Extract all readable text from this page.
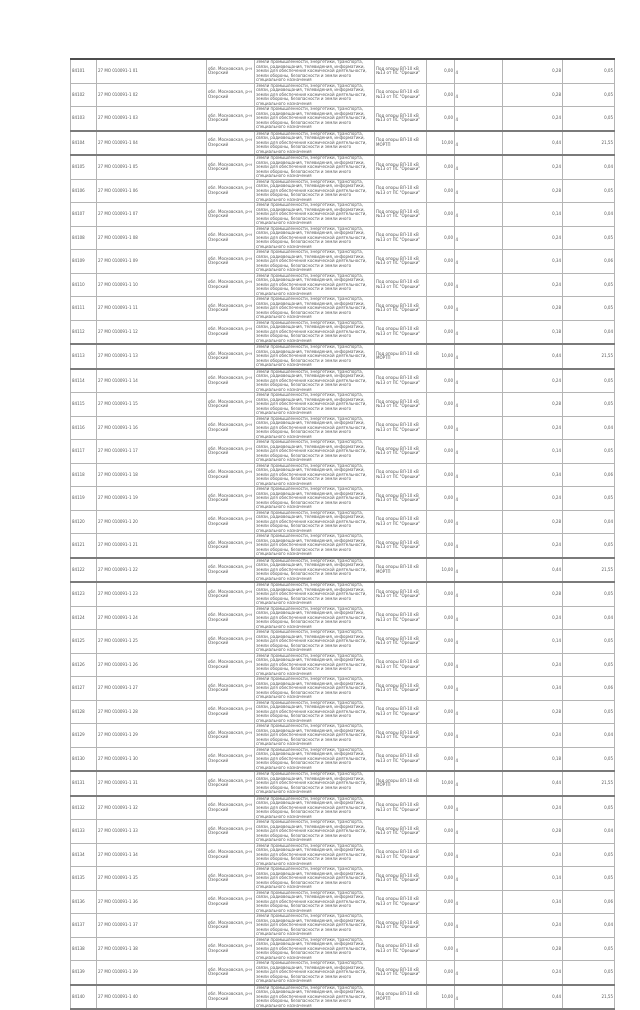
84101	27 МО 010091-1 01	обл. Московская, р-н Озерский	Земли промышленности, энергетики, транспорта, связи, радиовещания, телевидения, информатики, земли для обеспечения космической деятельности, земли обороны, безопасности и земли иного специального назначения	Под опоры ВЛ-10 кВ №13 от ПС "Орешки"	0,00 4		0,28	0,05
84102	27 МО 010091-1 02	обл. Московская, р-н Озерский	Земли промышленности, энергетики, транспорта, связи, радиовещания, телевидения, информатики, земли для обеспечения космической деятельности, земли обороны, безопасности и земли иного специального назначения	Под опоры ВЛ-10 кВ №13 от ПС "Орешки"	0,00 4		0,28	0,05
84103	27 МО 010091-1 03	обл. Московская, р-н Озерский	Земли промышленности, энергетики, транспорта, связи, радиовещания, телевидения, информатики, земли для обеспечения космической деятельности, земли обороны, безопасности и земли иного специального назначения	Под опоры ВЛ-10 кВ №13 от ПС "Орешки"	0,00 4		0,24	0,05
84104	27 МО 010091-1 04	обл. Московская, р-н Озерский	Земли промышленности, энергетики, транспорта, связи, радиовещания, телевидения, информатики, земли для обеспечения космической деятельности, земли обороны, безопасности и земли иного специального назначения	Под опоры ВЛ-10 кВ МОРТП	10,00 4		0,44	21,55
84105	27 МО 010091-1 05	обл. Московская, р-н Озерский	Земли промышленности, энергетики, транспорта, связи, радиовещания, телевидения, информатики, земли для обеспечения космической деятельности, земли обороны, безопасности и земли иного специального назначения	Под опоры ВЛ-10 кВ №13 от ПС "Орешки"	0,00 4		0,24	0,04
84106	27 МО 010091-1 06	обл. Московская, р-н Озерский	Земли промышленности, энергетики, транспорта, связи, радиовещания, телевидения, информатики, земли для обеспечения космической деятельности, земли обороны, безопасности и земли иного специального назначения	Под опоры ВЛ-10 кВ №13 от ПС "Орешки"	0,00 4		0,28	0,05
84107	27 МО 010091-1 07	обл. Московская, р-н Озерский	Земли промышленности, энергетики, транспорта, связи, радиовещания, телевидения, информатики, земли для обеспечения космической деятельности, земли обороны, безопасности и земли иного специального назначения	Под опоры ВЛ-10 кВ №13 от ПС "Орешки"	0,00 4		0,14	0,04
84108	27 МО 010091-1 08	обл. Московская, р-н Озерский	Земли промышленности, энергетики, транспорта, связи, радиовещания, телевидения, информатики, земли для обеспечения космической деятельности, земли обороны, безопасности и земли иного специального назначения	Под опоры ВЛ-10 кВ №13 от ПС "Орешки"	0,00 4		0,24	0,05
84109	27 МО 010091-1 09	обл. Московская, р-н Озерский	Земли промышленности, энергетики, транспорта, связи, радиовещания, телевидения, информатики, земли для обеспечения космической деятельности, земли обороны, безопасности и земли иного специального назначения	Под опоры ВЛ-10 кВ №13 от ПС "Орешки"	0,00 4		0,34	0,06
84110	27 МО 010091-1 10	обл. Московская, р-н Озерский	Земли промышленности, энергетики, транспорта, связи, радиовещания, телевидения, информатики, земли для обеспечения космической деятельности, земли обороны, безопасности и земли иного специального назначения	Под опоры ВЛ-10 кВ №13 от ПС "Орешки"	0,00 4		0,24	0,05
84111	27 МО 010091-1 11	обл. Московская, р-н Озерский	Земли промышленности, энергетики, транспорта, связи, радиовещания, телевидения, информатики, земли для обеспечения космической деятельности, земли обороны, безопасности и земли иного специального назначения	Под опоры ВЛ-10 кВ №13 от ПС "Орешки"	0,00 4		0,28	0,05
84112	27 МО 010091-1 12	обл. Московская, р-н Озерский	Земли промышленности, энергетики, транспорта, связи, радиовещания, телевидения, информатики, земли для обеспечения космической деятельности, земли обороны, безопасности и земли иного специального назначения	Под опоры ВЛ-10 кВ №13 от ПС "Орешки"	0,00 4		0,18	0,04
84113	27 МО 010091-1 13	обл. Московская, р-н Озерский	Земли промышленности, энергетики, транспорта, связи, радиовещания, телевидения, информатики, земли для обеспечения космической деятельности, земли обороны, безопасности и земли иного специального назначения	Под опоры ВЛ-10 кВ МОРТП	10,00 4		0,44	21,55
84114	27 МО 010091-1 14	обл. Московская, р-н Озерский	Земли промышленности, энергетики, транспорта, связи, радиовещания, телевидения, информатики, земли для обеспечения космической деятельности, земли обороны, безопасности и земли иного специального назначения	Под опоры ВЛ-10 кВ №13 от ПС "Орешки"	0,00 4		0,24	0,05
84115	27 МО 010091-1 15	обл. Московская, р-н Озерский	Земли промышленности, энергетики, транспорта, связи, радиовещания, телевидения, информатики, земли для обеспечения космической деятельности, земли обороны, безопасности и земли иного специального назначения	Под опоры ВЛ-10 кВ №13 от ПС "Орешки"	0,00 4		0,28	0,05
84116	27 МО 010091-1 16	обл. Московская, р-н Озерский	Земли промышленности, энергетики, транспорта, связи, радиовещания, телевидения, информатики, земли для обеспечения космической деятельности, земли обороны, безопасности и земли иного специального назначения	Под опоры ВЛ-10 кВ №13 от ПС "Орешки"	0,00 4		0,24	0,04
84117	27 МО 010091-1 17	обл. Московская, р-н Озерский	Земли промышленности, энергетики, транспорта, связи, радиовещания, телевидения, информатики, земли для обеспечения космической деятельности, земли обороны, безопасности и земли иного специального назначения	Под опоры ВЛ-10 кВ №13 от ПС "Орешки"	0,00 4		0,14	0,05
84118	27 МО 010091-1 18	обл. Московская, р-н Озерский	Земли промышленности, энергетики, транспорта, связи, радиовещания, телевидения, информатики, земли для обеспечения космической деятельности, земли обороны, безопасности и земли иного специального назначения	Под опоры ВЛ-10 кВ №13 от ПС "Орешки"	0,00 4		0,34	0,06
84119	27 МО 010091-1 19	обл. Московская, р-н Озерский	Земли промышленности, энергетики, транспорта, связи, радиовещания, телевидения, информатики, земли для обеспечения космической деятельности, земли обороны, безопасности и земли иного специального назначения	Под опоры ВЛ-10 кВ №13 от ПС "Орешки"	0,00 4		0,24	0,05
84120	27 МО 010091-1 20	обл. Московская, р-н Озерский	Земли промышленности, энергетики, транспорта, связи, радиовещания, телевидения, информатики, земли для обеспечения космической деятельности, земли обороны, безопасности и земли иного специального назначения	Под опоры ВЛ-10 кВ №13 от ПС "Орешки"	0,00 4		0,28	0,04
84121	27 МО 010091-1 21	обл. Московская, р-н Озерский	Земли промышленности, энергетики, транспорта, связи, радиовещания, телевидения, информатики, земли для обеспечения космической деятельности, земли обороны, безопасности и земли иного специального назначения	Под опоры ВЛ-10 кВ №13 от ПС "Орешки"	0,00 4		0,24	0,05
84122	27 МО 010091-1 22	обл. Московская, р-н Озерский	Земли промышленности, энергетики, транспорта, связи, радиовещания, телевидения, информатики, земли для обеспечения космической деятельности, земли обороны, безопасности и земли иного специального назначения	Под опоры ВЛ-10 кВ МОРТП	10,00 4		0,44	21,55
84123	27 МО 010091-1 23	обл. Московская, р-н Озерский	Земли промышленности, энергетики, транспорта, связи, радиовещания, телевидения, информатики, земли для обеспечения космической деятельности, земли обороны, безопасности и земли иного специального назначения	Под опоры ВЛ-10 кВ №13 от ПС "Орешки"	0,00 4		0,28	0,05
84124	27 МО 010091-1 24	обл. Московская, р-н Озерский	Земли промышленности, энергетики, транспорта, связи, радиовещания, телевидения, информатики, земли для обеспечения космической деятельности, земли обороны, безопасности и земли иного специального назначения	Под опоры ВЛ-10 кВ №13 от ПС "Орешки"	0,00 4		0,24	0,04
84125	27 МО 010091-1 25	обл. Московская, р-н Озерский	Земли промышленности, энергетики, транспорта, связи, радиовещания, телевидения, информатики, земли для обеспечения космической деятельности, земли обороны, безопасности и земли иного специального назначения	Под опоры ВЛ-10 кВ №13 от ПС "Орешки"	0,00 4		0,14	0,05
84126	27 МО 010091-1 26	обл. Московская, р-н Озерский	Земли промышленности, энергетики, транспорта, связи, радиовещания, телевидения, информатики, земли для обеспечения космической деятельности, земли обороны, безопасности и земли иного специального назначения	Под опоры ВЛ-10 кВ №13 от ПС "Орешки"	0,00 4		0,24	0,05
84127	27 МО 010091-1 27	обл. Московская, р-н Озерский	Земли промышленности, энергетики, транспорта, связи, радиовещания, телевидения, информатики, земли для обеспечения космической деятельности, земли обороны, безопасности и земли иного специального назначения	Под опоры ВЛ-10 кВ №13 от ПС "Орешки"	0,00 4		0,34	0,06
84128	27 МО 010091-1 28	обл. Московская, р-н Озерский	Земли промышленности, энергетики, транспорта, связи, радиовещания, телевидения, информатики, земли для обеспечения космической деятельности, земли обороны, безопасности и земли иного специального назначения	Под опоры ВЛ-10 кВ №13 от ПС "Орешки"	0,00 4		0,28	0,05
84129	27 МО 010091-1 29	обл. Московская, р-н Озерский	Земли промышленности, энергетики, транспорта, связи, радиовещания, телевидения, информатики, земли для обеспечения космической деятельности, земли обороны, безопасности и земли иного специального назначения	Под опоры ВЛ-10 кВ №13 от ПС "Орешки"	0,00 4		0,24	0,04
84130	27 МО 010091-1 30	обл. Московская, р-н Озерский	Земли промышленности, энергетики, транспорта, связи, радиовещания, телевидения, информатики, земли для обеспечения космической деятельности, земли обороны, безопасности и земли иного специального назначения	Под опоры ВЛ-10 кВ №13 от ПС "Орешки"	0,00 4		0,18	0,05
84131	27 МО 010091-1 31	обл. Московская, р-н Озерский	Земли промышленности, энергетики, транспорта, связи, радиовещания, телевидения, информатики, земли для обеспечения космической деятельности, земли обороны, безопасности и земли иного специального назначения	Под опоры ВЛ-10 кВ МОРТП	10,00 4		0,44	21,55
84132	27 МО 010091-1 32	обл. Московская, р-н Озерский	Земли промышленности, энергетики, транспорта, связи, радиовещания, телевидения, информатики, земли для обеспечения космической деятельности, земли обороны, безопасности и земли иного специального назначения	Под опоры ВЛ-10 кВ №13 от ПС "Орешки"	0,00 4		0,24	0,05
84133	27 МО 010091-1 33	обл. Московская, р-н Озерский	Земли промышленности, энергетики, транспорта, связи, радиовещания, телевидения, информатики, земли для обеспечения космической деятельности, земли обороны, безопасности и земли иного специального назначения	Под опоры ВЛ-10 кВ №13 от ПС "Орешки"	0,00 4		0,28	0,04
84134	27 МО 010091-1 34	обл. Московская, р-н Озерский	Земли промышленности, энергетики, транспорта, связи, радиовещания, телевидения, информатики, земли для обеспечения космической деятельности, земли обороны, безопасности и земли иного специального назначения	Под опоры ВЛ-10 кВ №13 от ПС "Орешки"	0,00 4		0,24	0,05
84135	27 МО 010091-1 35	обл. Московская, р-н Озерский	Земли промышленности, энергетики, транспорта, связи, радиовещания, телевидения, информатики, земли для обеспечения космической деятельности, земли обороны, безопасности и земли иного специального назначения	Под опоры ВЛ-10 кВ №13 от ПС "Орешки"	0,00 4		0,14	0,05
84136	27 МО 010091-1 36	обл. Московская, р-н Озерский	Земли промышленности, энергетики, транспорта, связи, радиовещания, телевидения, информатики, земли для обеспечения космической деятельности, земли обороны, безопасности и земли иного специального назначения	Под опоры ВЛ-10 кВ №13 от ПС "Орешки"	0,00 4		0,34	0,06
84137	27 МО 010091-1 37	обл. Московская, р-н Озерский	Земли промышленности, энергетики, транспорта, связи, радиовещания, телевидения, информатики, земли для обеспечения космической деятельности, земли обороны, безопасности и земли иного специального назначения	Под опоры ВЛ-10 кВ №13 от ПС "Орешки"	0,00 4		0,24	0,04
84138	27 МО 010091-1 38	обл. Московская, р-н Озерский	Земли промышленности, энергетики, транспорта, связи, радиовещания, телевидения, информатики, земли для обеспечения космической деятельности, земли обороны, безопасности и земли иного специального назначения	Под опоры ВЛ-10 кВ №13 от ПС "Орешки"	0,00 4		0,28	0,05
84139	27 МО 010091-1 39	обл. Московская, р-н Озерский	Земли промышленности, энергетики, транспорта, связи, радиовещания, телевидения, информатики, земли для обеспечения космической деятельности, земли обороны, безопасности и земли иного специального назначения	Под опоры ВЛ-10 кВ №13 от ПС "Орешки"	0,00 4		0,24	0,05
84140	27 МО 010091-1 40	обл. Московская, р-н Озерский	Земли промышленности, энергетики, транспорта, связи, радиовещания, телевидения, информатики, земли для обеспечения космической деятельности, земли обороны, безопасности и земли иного специального назначения	Под опоры ВЛ-10 кВ МОРТП	10,00 4		0,44	21,55
